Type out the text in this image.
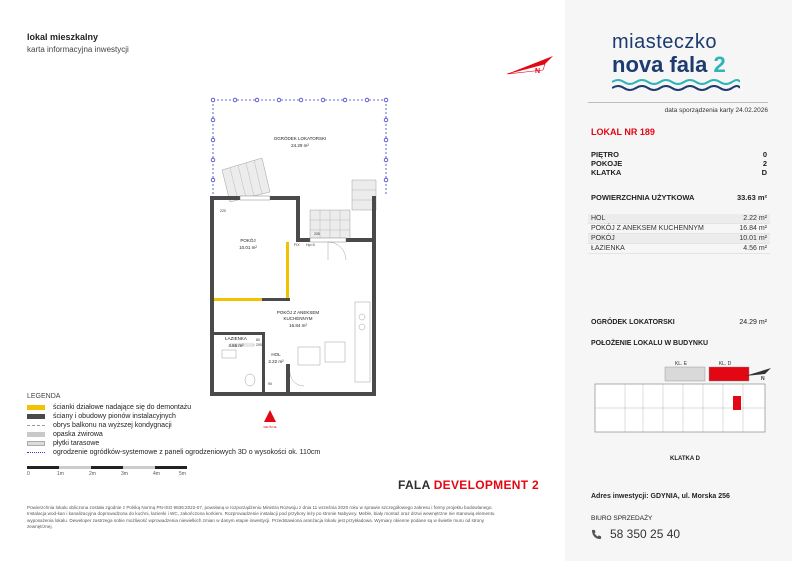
lokal mieszkalny
karta informacyjna inwestycji
N
OGRÓDEK LOKATORSKI
24.29 m²
220
205
POKÓJ
10.01 m²
POKÓJ Z ANEKSEM
KUCHENNYM
16.84 m²
ŁAZIENKA
4.56 m²
HOL
2.22 m²
FIX Hp=0
80
200
90
WEJŚCIE
LEGENDA
ścianki działowe nadające się do demontażu
ściany i obudowy pionów instalacyjnych
obrys balkonu na wyższej kondygnacji
opaska żwirowa
płytki tarasowe
ogrodzenie ogródków-systemowe z paneli ogrodzeniowych 3D o wysokości ok. 110cm
0	1m	2m	3m	4m	5m
FALA DEVELOPMENT 2
Powierzchnia lokalu obliczona została zgodnie z Polską Normą PN-ISO 9836:2022-07, powołaną w rozporządzeniu Ministra Rozwoju z dnia 11 września 2020 roku w sprawie szczegółowego zakresu i formy projektu budowlanego. Instalacja wod-kan i kanalizacyjna doprowadzona do kuchni, łazienki i WC, zakończona korkiem. Rozprowadzenie instalacji pod przybory leży po stronie Nabywcy. Meble, biały montaż oraz drzwi wewnętrzne nie stanowią elementu wyposażenia lokalu. Deweloper zastrzega sobie możliwość wprowadzenia niewielkich zmian w danym etapie inwestycji. Przedstawiona aranżacja lokalu jest przykładowa. Wymiary okienne podane są w świetle muru od strony zewnętrznej.
miasteczko
nova fala 2
data sporządzenia karty 24.02.2026
LOKAL NR 189
PIĘTRO	0
POKOJE	2
KLATKA	D
POWIERZCHNIA UŻYTKOWA	33.63 m²
HOL	2.22 m²
POKÓJ Z ANEKSEM KUCHENNYM	16.84 m²
POKÓJ	10.01 m²
ŁAZIENKA	4.56 m²
OGRÓDEK LOKATORSKI	24.29 m²
POŁOŻENIE LOKALU W BUDYNKU
KL. E	KL. D
KLATKA D
N
Adres inwestycji: GDYNIA, ul. Morska 256
BIURO SPRZEDAŻY
58 350 25 40
